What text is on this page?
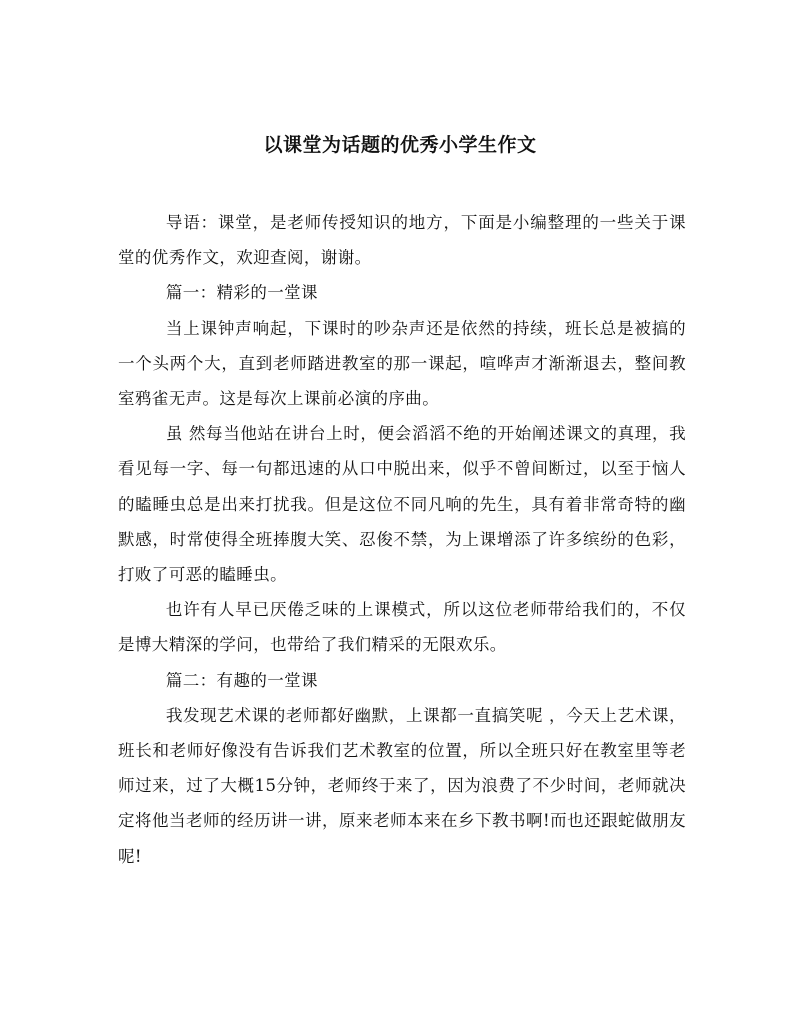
以课堂为话题的优秀小学生作文

导语：课堂，是老师传授知识的地方，下面是小编整理的一些关于课堂的优秀作文，欢迎查阅，谢谢。

篇一：精彩的一堂课

当上课钟声响起，下课时的吵杂声还是依然的持续，班长总是被搞的一个头两个大，直到老师踏进教室的那一课起，喧哗声才渐渐退去，整间教室鸦雀无声。这是每次上课前必演的序曲。

虽 然每当他站在讲台上时，便会滔滔不绝的开始阐述课文的真理，我看见每一字、每一句都迅速的从口中脱出来，似乎不曾间断过，以至于恼人的瞌睡虫总是出来打扰我。但是这位不同凡响的先生，具有着非常奇特的幽默感，时常使得全班捧腹大笑、忍俊不禁，为上课增添了许多缤纷的色彩，打败了可恶的瞌睡虫。

也许有人早已厌倦乏味的上课模式，所以这位老师带给我们的，不仅是博大精深的学问，也带给了我们精采的无限欢乐。

篇二：有趣的一堂课

我发现艺术课的老师都好幽默，上课都一直搞笑呢 ，今天上艺术课，班长和老师好像没有告诉我们艺术教室的位置，所以全班只好在教室里等老师过来，过了大概15分钟，老师终于来了，因为浪费了不少时间，老师就决定将他当老师的经历讲一讲，原来老师本来在乡下教书啊!而也还跟蛇做朋友呢!
